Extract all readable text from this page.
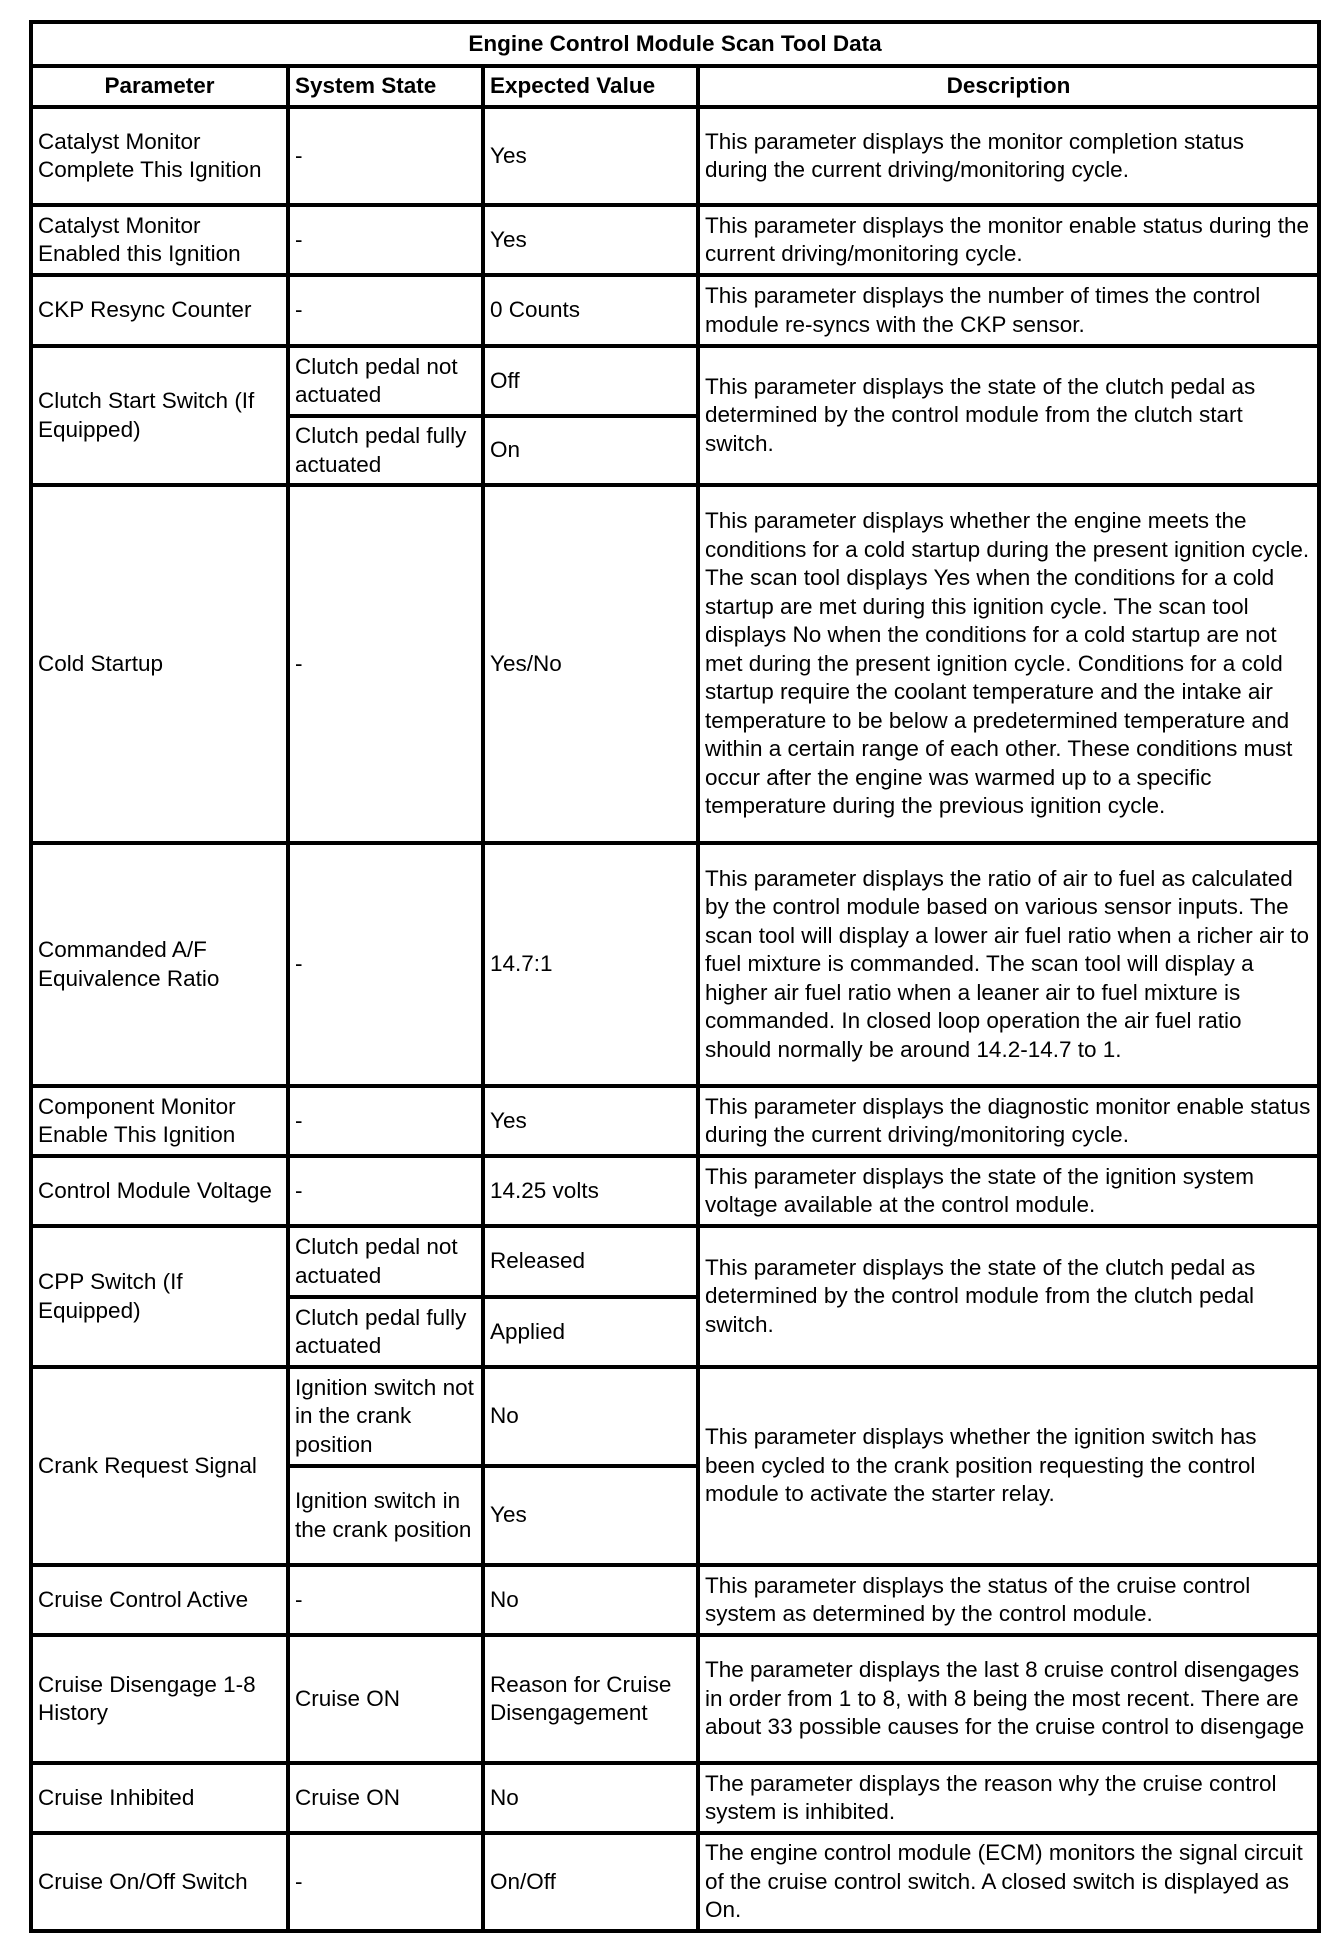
Engine Control Module Scan Tool Data			
Parameter	System State	Expected Value	Description
Catalyst Monitor Complete This Ignition	-	Yes	This parameter displays the monitor completion status during the current driving/monitoring cycle.
Catalyst Monitor Enabled this Ignition	-	Yes	This parameter displays the monitor enable status during the current driving/monitoring cycle.
CKP Resync Counter	-	0 Counts	This parameter displays the number of times the control module re-syncs with the CKP sensor.
Clutch Start Switch (If Equipped)	Clutch pedal not actuated	Off	This parameter displays the state of the clutch pedal as determined by the control module from the clutch start switch.
	Clutch pedal fully actuated	On	
Cold Startup	-	Yes/No	This parameter displays whether the engine meets the conditions for a cold startup during the present ignition cycle. The scan tool displays Yes when the conditions for a cold startup are met during this ignition cycle. The scan tool displays No when the conditions for a cold startup are not met during the present ignition cycle. Conditions for a cold startup require the coolant temperature and the intake air temperature to be below a predetermined temperature and within a certain range of each other. These conditions must occur after the engine was warmed up to a specific temperature during the previous ignition cycle.
Commanded A/F Equivalence Ratio	-	14.7:1	This parameter displays the ratio of air to fuel as calculated by the control module based on various sensor inputs. The scan tool will display a lower air fuel ratio when a richer air to fuel mixture is commanded. The scan tool will display a higher air fuel ratio when a leaner air to fuel mixture is commanded. In closed loop operation the air fuel ratio should normally be around 14.2-14.7 to 1.
Component Monitor Enable This Ignition	-	Yes	This parameter displays the diagnostic monitor enable status during the current driving/monitoring cycle.
Control Module Voltage	-	14.25 volts	This parameter displays the state of the ignition system voltage available at the control module.
CPP Switch (If Equipped)	Clutch pedal not actuated	Released	This parameter displays the state of the clutch pedal as determined by the control module from the clutch pedal switch.
	Clutch pedal fully actuated	Applied	
Crank Request Signal	Ignition switch not in the crank position	No	This parameter displays whether the ignition switch has been cycled to the crank position requesting the control module to activate the starter relay.
	Ignition switch in the crank position	Yes	
Cruise Control Active	-	No	This parameter displays the status of the cruise control system as determined by the control module.
Cruise Disengage 1-8 History	Cruise ON	Reason for Cruise Disengagement	The parameter displays the last 8 cruise control disengages in order from 1 to 8, with 8 being the most recent. There are about 33 possible causes for the cruise control to disengage
Cruise Inhibited	Cruise ON	No	The parameter displays the reason why the cruise control system is inhibited.
Cruise On/Off Switch	-	On/Off	The engine control module (ECM) monitors the signal circuit of the cruise control switch. A closed switch is displayed as On.
